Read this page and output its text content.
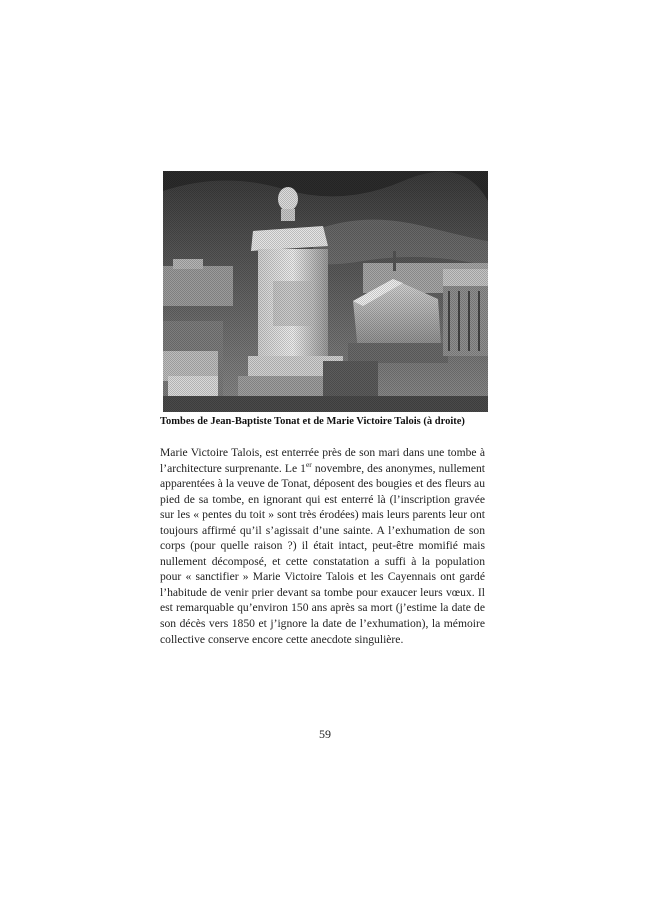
Tombes de Jean-Baptiste Tonat et de Marie Victoire Talois (à droite)

Marie Victoire Talois, est enterrée près de son mari dans une tombe à l’architecture surprenante. Le 1er novembre, des anonymes, nullement apparentées à la veuve de Tonat, déposent des bougies et des fleurs au pied de sa tombe, en ignorant qui est enterré là (l’inscription gravée sur les « pentes du toit » sont très érodées) mais leurs parents leur ont toujours affirmé qu’il s’agissait d’une sainte. A l’exhumation de son corps (pour quelle raison ?) il était intact, peut-être momifié mais nullement décomposé, et cette constatation a suffi à la population pour « sanctifier » Marie Victoire Talois et les Cayennais ont gardé l’habitude de venir prier devant sa tombe pour exaucer leurs vœux. Il est remarquable qu’environ 150 ans après sa mort (j’estime la date de son décès vers 1850 et j’ignore la date de l’exhumation), la mémoire collective conserve encore cette anecdote singulière.

59
